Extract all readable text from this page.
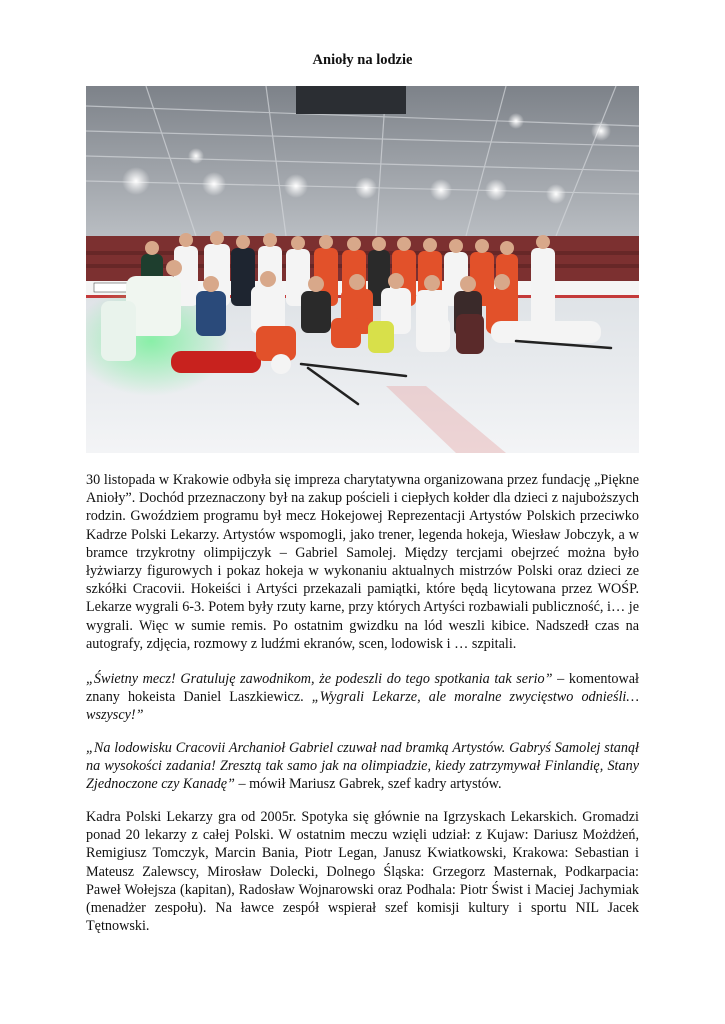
Anioły na lodzie

30 listopada w Krakowie odbyła się impreza charytatywna organizowana przez fundację „Piękne Anioły”. Dochód przeznaczony był na zakup pościeli i ciepłych kołder dla dzieci z najuboższych rodzin. Gwoździem programu był mecz Hokejowej Reprezentacji Artystów Polskich przeciwko Kadrze Polski Lekarzy. Artystów wspomogli, jako trener, legenda hokeja, Wiesław Jobczyk, a w bramce trzykrotny olimpijczyk – Gabriel Samolej. Między tercjami obejrzeć można było łyżwiarzy figurowych i pokaz hokeja w wykonaniu aktualnych mistrzów Polski oraz dzieci ze szkółki Cracovii. Hokeiści i Artyści przekazali pamiątki, które będą licytowana przez WOŚP. Lekarze wygrali 6-3. Potem były rzuty karne, przy których Artyści rozbawiali publiczność, i… je wygrali. Więc w sumie remis. Po ostatnim gwizdku na lód weszli kibice. Nadszedł czas na autografy, zdjęcia, rozmowy z ludźmi ekranów, scen, lodowisk i … szpitali.

„Świetny mecz! Gratuluję zawodnikom, że podeszli do tego spotkania tak serio” – komentował znany hokeista Daniel Laszkiewicz. „Wygrali Lekarze, ale moralne zwycięstwo odnieśli… wszyscy!”

„Na lodowisku Cracovii Archanioł Gabriel czuwał nad bramką Artystów. Gabryś Samolej stanął na wysokości zadania! Zresztą tak samo jak na olimpiadzie, kiedy zatrzymywał Finlandię, Stany Zjednoczone czy Kanadę” – mówił Mariusz Gabrek, szef kadry artystów.

Kadra Polski Lekarzy gra od 2005r. Spotyka się głównie na Igrzyskach Lekarskich. Gromadzi ponad 20 lekarzy z całej Polski. W ostatnim meczu wzięli udział: z Kujaw: Dariusz Możdżeń, Remigiusz Tomczyk, Marcin Bania, Piotr Legan, Janusz Kwiatkowski, Krakowa: Sebastian i Mateusz Zalewscy, Mirosław Dolecki, Dolnego Śląska: Grzegorz Masternak, Podkarpacia: Paweł Wołejsza (kapitan), Radosław Wojnarowski oraz Podhala: Piotr Świst i Maciej Jachymiak (menadżer zespołu). Na ławce zespół wspierał szef komisji kultury i sportu NIL Jacek Tętnowski.
